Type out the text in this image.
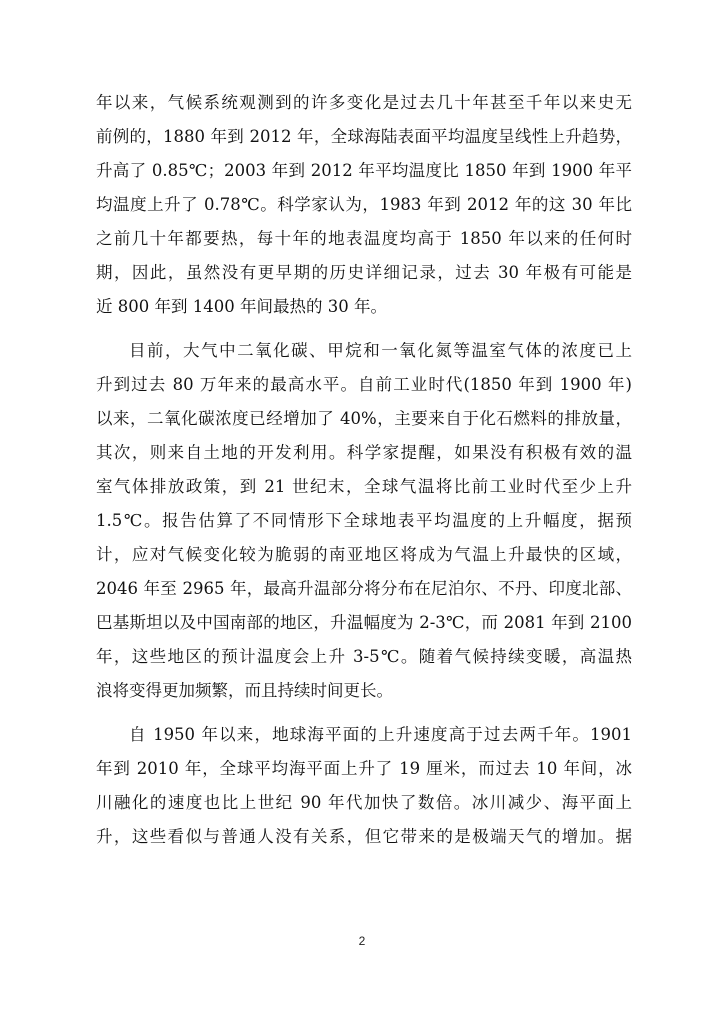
年以来，气候系统观测到的许多变化是过去几十年甚至千年以来史无
前例的，1880 年到 2012 年，全球海陆表面平均温度呈线性上升趋势，
升高了 0.85℃；2003 年到 2012 年平均温度比 1850 年到 1900 年平
均温度上升了 0.78℃。科学家认为，1983 年到 2012 年的这 30 年比
之前几十年都要热，每十年的地表温度均高于 1850 年以来的任何时
期，因此，虽然没有更早期的历史详细记录，过去 30 年极有可能是
近 800 年到 1400 年间最热的 30 年。
目前，大气中二氧化碳、甲烷和一氧化氮等温室气体的浓度已上
升到过去 80 万年来的最高水平。自前工业时代(1850 年到 1900 年)
以来，二氧化碳浓度已经增加了 40%，主要来自于化石燃料的排放量，
其次，则来自土地的开发利用。科学家提醒，如果没有积极有效的温
室气体排放政策，到 21 世纪末，全球气温将比前工业时代至少上升
1.5℃。报告估算了不同情形下全球地表平均温度的上升幅度，据预
计，应对气候变化较为脆弱的南亚地区将成为气温上升最快的区域，
2046 年至 2965 年，最高升温部分将分布在尼泊尔、不丹、印度北部、
巴基斯坦以及中国南部的地区，升温幅度为 2-3℃，而 2081 年到 2100
年，这些地区的预计温度会上升 3-5℃。随着气候持续变暖，高温热
浪将变得更加频繁，而且持续时间更长。
自 1950 年以来，地球海平面的上升速度高于过去两千年。1901
年到 2010 年，全球平均海平面上升了 19 厘米，而过去 10 年间，冰
川融化的速度也比上世纪 90 年代加快了数倍。冰川减少、海平面上
升，这些看似与普通人没有关系，但它带来的是极端天气的增加。据
2
